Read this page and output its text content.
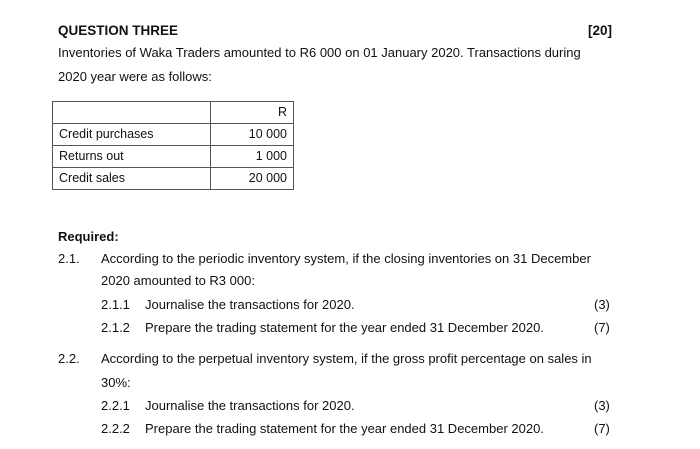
QUESTION THREE	[20]
Inventories of Waka Traders amounted to R6 000 on 01 January 2020. Transactions during
2020 year were as follows:
	R
Credit purchases	10 000
Returns out	1 000
Credit sales	20 000
Required:
2.1. According to the periodic inventory system, if the closing inventories on 31 December
2020 amounted to R3 000:
2.1.1 Journalise the transactions for 2020.	(3)
2.1.2 Prepare the trading statement for the year ended 31 December 2020.	(7)
2.2. According to the perpetual inventory system, if the gross profit percentage on sales in
30%:
2.2.1 Journalise the transactions for 2020.	(3)
2.2.2 Prepare the trading statement for the year ended 31 December 2020.	(7)
